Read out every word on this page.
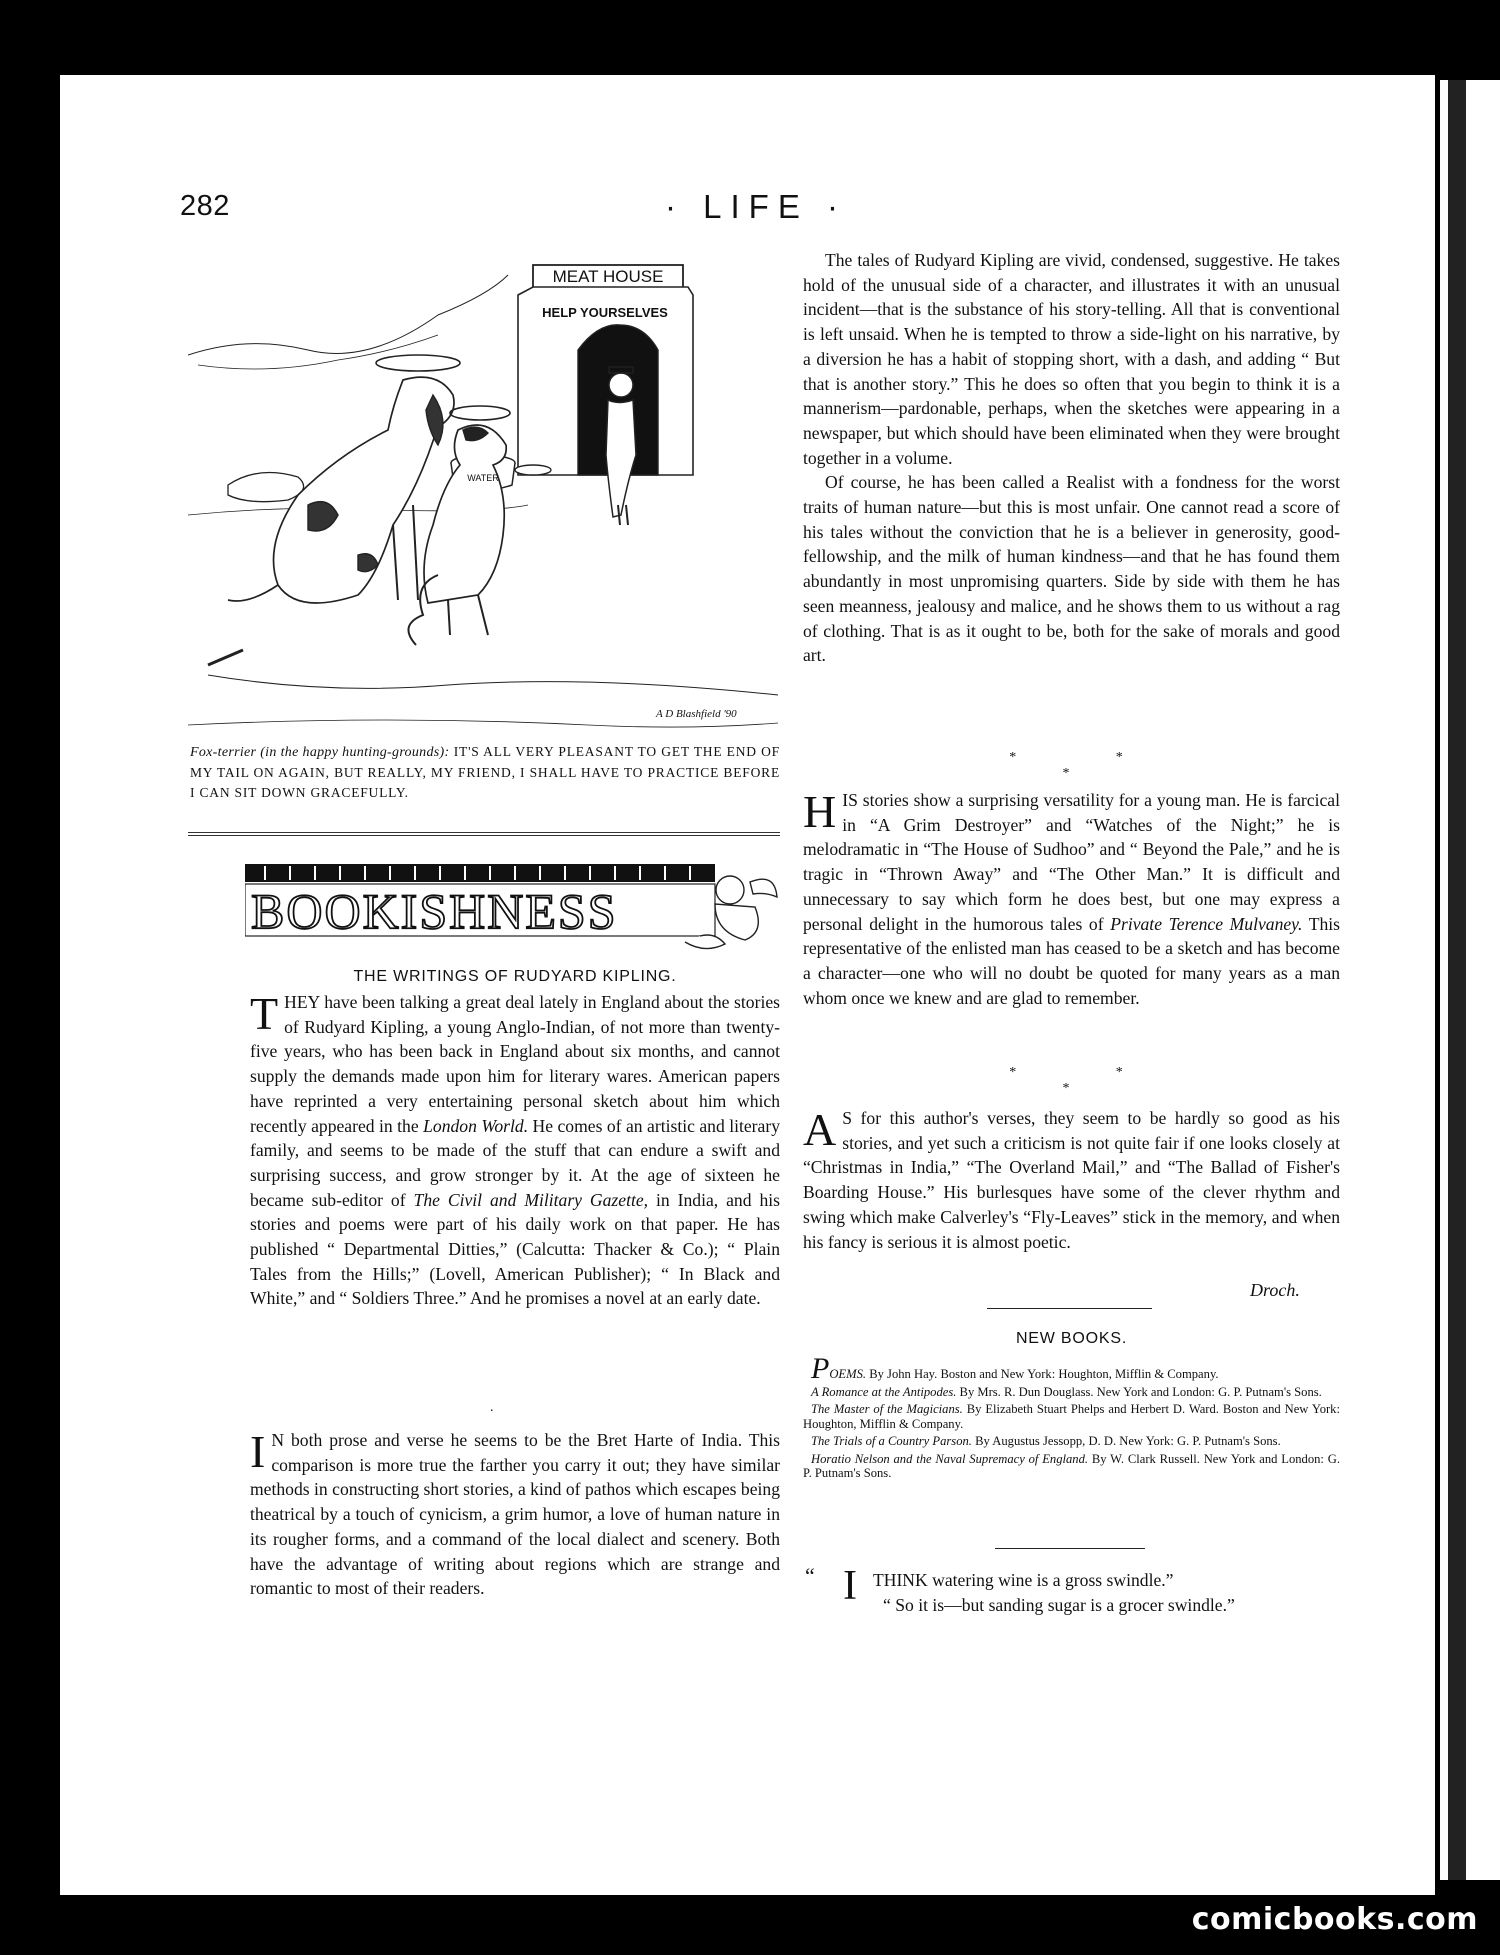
282	· LIFE ·
MEAT HOUSE
HELP YOURSELVES
WATER
A D Blashfield '90
Fox-terrier (in the happy hunting-grounds): IT'S ALL VERY PLEASANT TO GET THE END OF MY TAIL ON AGAIN, BUT REALLY, MY FRIEND, I SHALL HAVE TO PRACTICE BEFORE I CAN SIT DOWN GRACEFULLY.
BOOKISHNESS
THE WRITINGS OF RUDYARD KIPLING.

THEY have been talking a great deal lately in England about the stories of Rudyard Kipling, a young Anglo-Indian, of not more than twenty-five years, who has been back in England about six months, and cannot supply the demands made upon him for literary wares. American papers have reprinted a very entertaining personal sketch about him which recently appeared in the London World. He comes of an artistic and literary family, and seems to be made of the stuff that can endure a swift and surprising success, and grow stronger by it. At the age of sixteen he became sub-editor of The Civil and Military Gazette, in India, and his stories and poems were part of his daily work on that paper. He has published “ Departmental Ditties,” (Calcutta: Thacker & Co.); “ Plain Tales from the Hills;” (Lovell, American Publisher); “ In Black and White,” and “ Soldiers Three.” And he promises a novel at an early date.

.

I N both prose and verse he seems to be the Bret Harte of India. This comparison is more true the farther you carry it out; they have similar methods in constructing short stories, a kind of pathos which escapes being theatrical by a touch of cynicism, a grim humor, a love of human nature in its rougher forms, and a command of the local dialect and scenery. Both have the advantage of writing about regions which are strange and romantic to most of their readers.

The tales of Rudyard Kipling are vivid, condensed, suggestive. He takes hold of the unusual side of a character, and illustrates it with an unusual incident—that is the substance of his story-telling. All that is conventional is left unsaid. When he is tempted to throw a side-light on his narrative, by a diversion he has a habit of stopping short, with a dash, and adding “ But that is another story.” This he does so often that you begin to think it is a mannerism—pardonable, perhaps, when the sketches were appearing in a newspaper, but which should have been eliminated when they were brought together in a volume.

Of course, he has been called a Realist with a fondness for the worst traits of human nature—but this is most unfair. One cannot read a score of his tales without the conviction that he is a believer in generosity, good-fellowship, and the milk of human kindness—and that he has found them abundantly in most unpromising quarters. Side by side with them he has seen meanness, jealousy and malice, and he shows them to us without a rag of clothing. That is as it ought to be, both for the sake of morals and good art.

* * *

HIS stories show a surprising versatility for a young man. He is farcical in “A Grim Destroyer” and “Watches of the Night;” he is melodramatic in “The House of Sudhoo” and “ Beyond the Pale,” and he is tragic in “Thrown Away” and “The Other Man.” It is difficult and unnecessary to say which form he does best, but one may express a personal delight in the humorous tales of Private Terence Mulvaney. This representative of the enlisted man has ceased to be a sketch and has become a character—one who will no doubt be quoted for many years as a man whom once we knew and are glad to remember.

* * *

A S for this author's verses, they seem to be hardly so good as his stories, and yet such a criticism is not quite fair if one looks closely at “Christmas in India,” “The Overland Mail,” and “The Ballad of Fisher's Boarding House.” His burlesques have some of the clever rhythm and swing which make Calverley's “Fly-Leaves” stick in the memory, and when his fancy is serious it is almost poetic.

Droch.
NEW BOOKS.

POEMS. By John Hay. Boston and New York: Houghton, Mifflin & Company.

A Romance at the Antipodes. By Mrs. R. Dun Douglass. New York and London: G. P. Putnam's Sons.

The Master of the Magicians. By Elizabeth Stuart Phelps and Herbert D. Ward. Boston and New York: Houghton, Mifflin & Company.

The Trials of a Country Parson. By Augustus Jessopp, D. D. New York: G. P. Putnam's Sons.

Horatio Nelson and the Naval Supremacy of England. By W. Clark Russell. New York and London: G. P. Putnam's Sons.

“ I THINK watering wine is a gross swindle.”
“ So it is—but sanding sugar is a grocer swindle.”
comicbooks.com
